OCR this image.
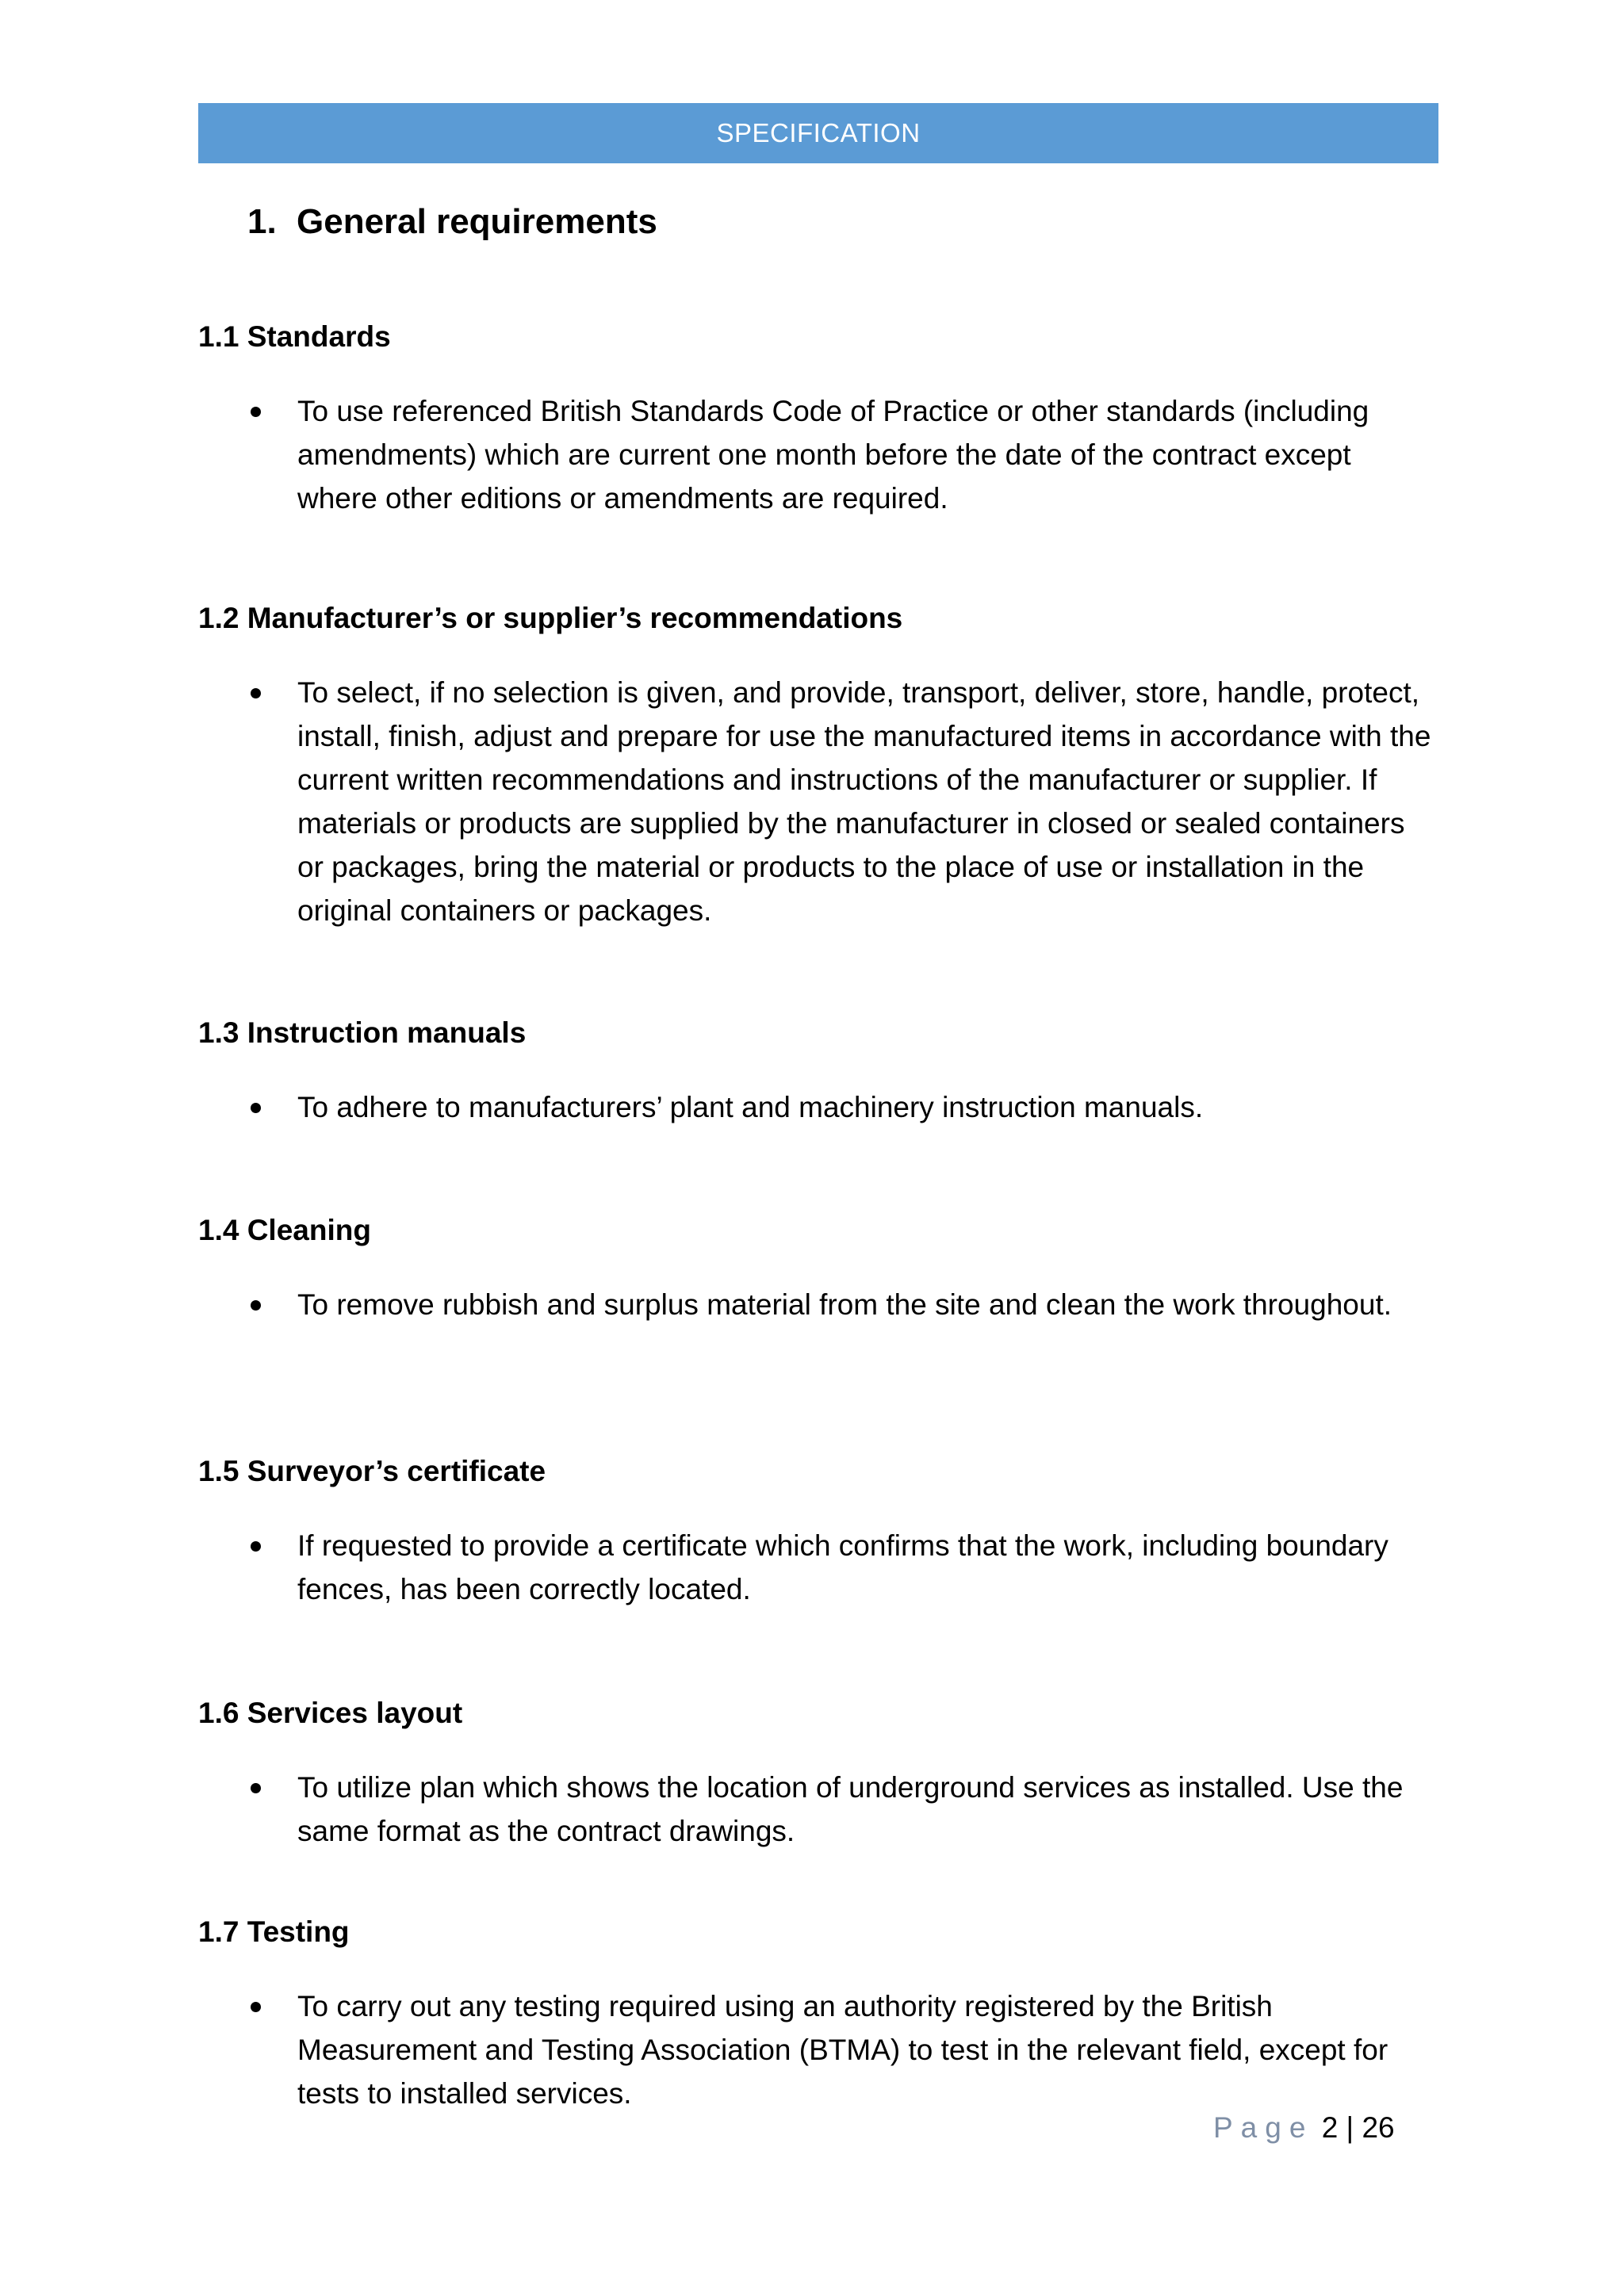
SPECIFICATION
1. General requirements
1.1 Standards
To use referenced British Standards Code of Practice or other standards (including amendments) which are current one month before the date of the contract except where other editions or amendments are required.
1.2 Manufacturer’s or supplier’s recommendations
To select, if no selection is given, and provide, transport, deliver, store, handle, protect, install, finish, adjust and prepare for use the manufactured items in accordance with the current written recommendations and instructions of the manufacturer or supplier. If materials or products are supplied by the manufacturer in closed or sealed containers or packages, bring the material or products to the place of use or installation in the original containers or packages.
1.3 Instruction manuals
To adhere to manufacturers’ plant and machinery instruction manuals.
1.4 Cleaning
To remove rubbish and surplus material from the site and clean the work throughout.
1.5 Surveyor’s certificate
If requested to provide a certificate which confirms that the work, including boundary fences, has been correctly located.
1.6 Services layout
To utilize plan which shows the location of underground services as installed. Use the same format as the contract drawings.
1.7 Testing
To carry out any testing required using an authority registered by the British Measurement and Testing Association (BTMA) to test in the relevant field, except for tests to installed services.
Page 2 | 26
